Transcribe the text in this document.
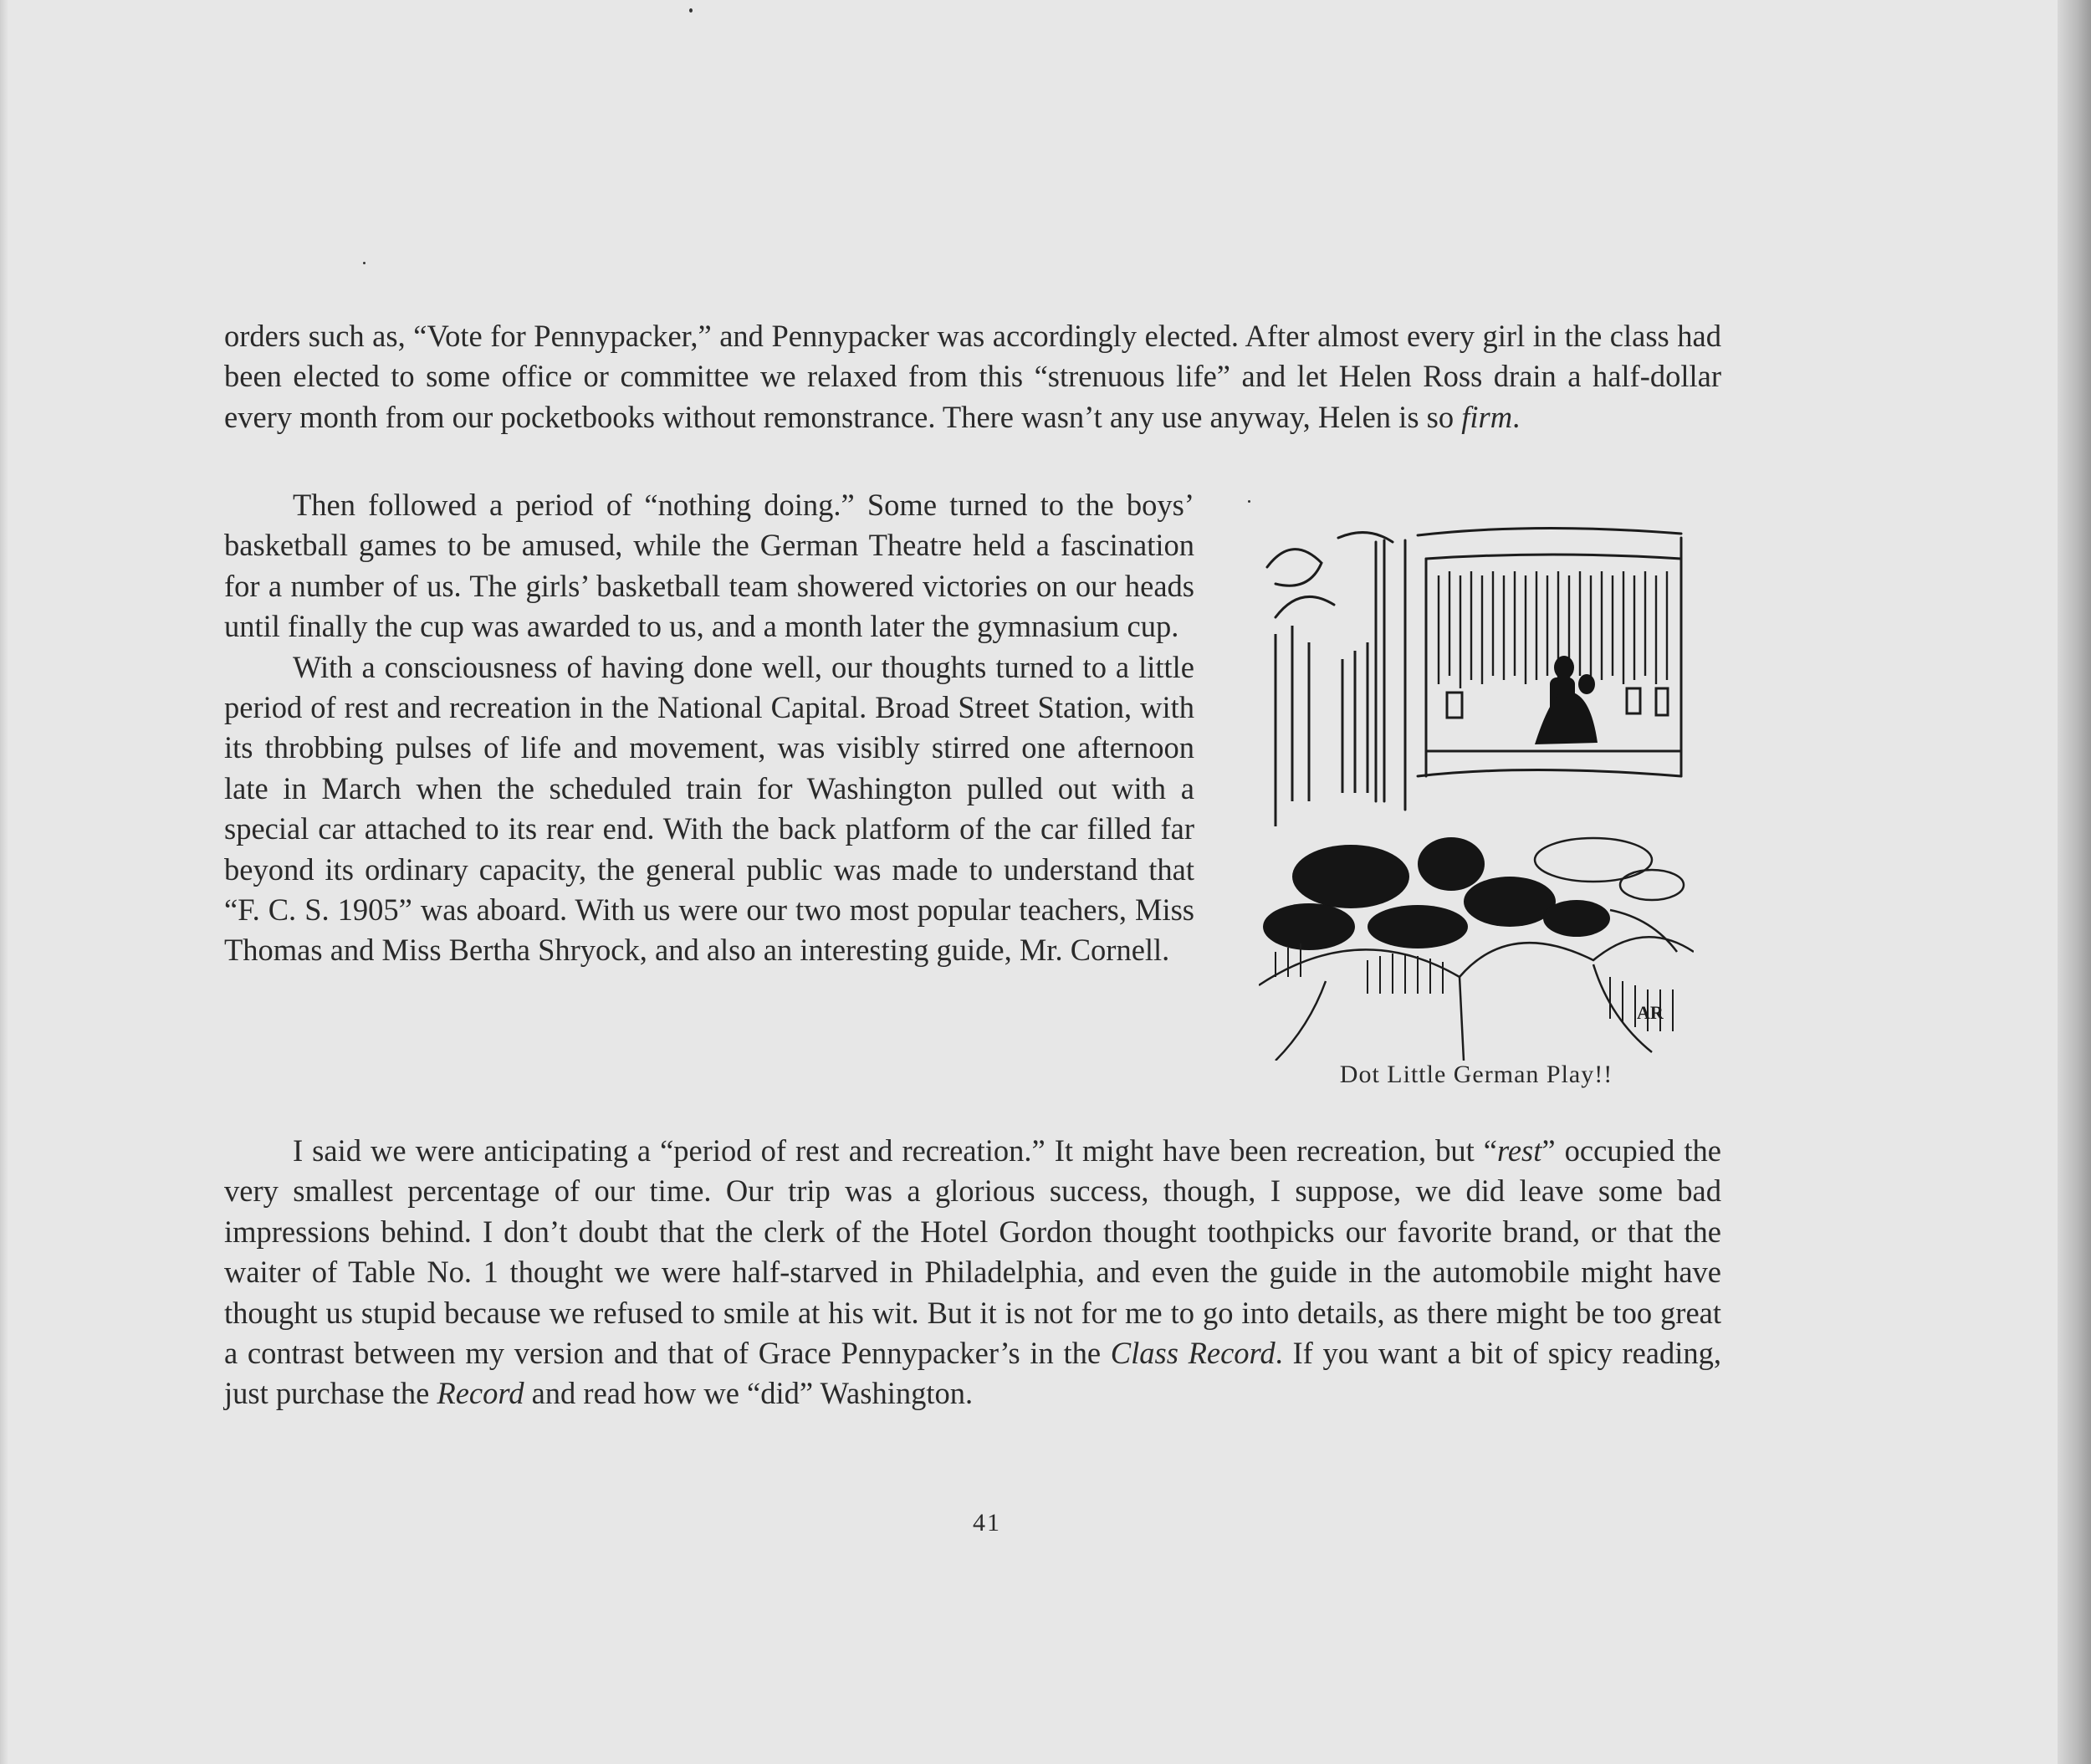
orders such as, “Vote for Pennypacker,” and Pennypacker was accordingly elected. After almost every girl in the class had been elected to some office or committee we relaxed from this “strenuous life” and let Helen Ross drain a half-dollar every month from our pocketbooks without remonstrance. There wasn’t any use anyway, Helen is so firm.

Then followed a period of “nothing doing.” Some turned to the boys’ basketball games to be amused, while the German Theatre held a fascination for a number of us. The girls’ basketball team showered victories on our heads until finally the cup was awarded to us, and a month later the gymnasium cup.

With a consciousness of having done well, our thoughts turned to a little period of rest and recreation in the National Capital. Broad Street Station, with its throbbing pulses of life and movement, was visibly stirred one afternoon late in March when the scheduled train for Washington pulled out with a special car attached to its rear end. With the back platform of the car filled far beyond its ordinary capacity, the general public was made to understand that “F. C. S. 1905” was aboard. With us were our two most popular teachers, Miss Thomas and Miss Bertha Shryock, and also an interesting guide, Mr. Cornell.

I said we were anticipating a “period of rest and recreation.” It might have been recreation, but “rest” occupied the very smallest percentage of our time. Our trip was a glorious success, though, I suppose, we did leave some bad impressions behind. I don’t doubt that the clerk of the Hotel Gordon thought toothpicks our favorite brand, or that the waiter of Table No. 1 thought we were half-starved in Philadelphia, and even the guide in the automobile might have thought us stupid because we refused to smile at his wit. But it is not for me to go into details, as there might be too great a contrast between my version and that of Grace Pennypacker’s in the Class Record. If you want a bit of spicy reading, just purchase the Record and read how we “did” Washington.

AR
Dot Little German Play!!
41
